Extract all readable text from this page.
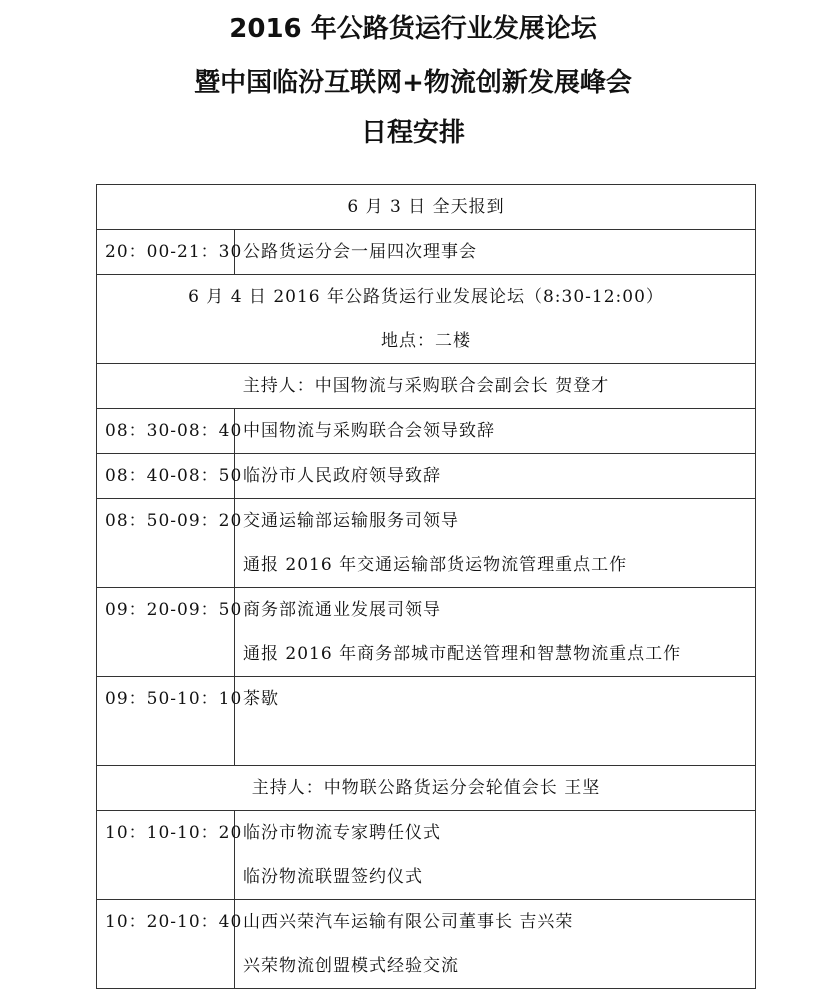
2016 年公路货运行业发展论坛
暨中国临汾互联网+物流创新发展峰会
日程安排
6 月 3 日 全天报到	

20：00-21：30	公路货运分会一届四次理事会

6 月 4 日 2016 年公路货运行业发展论坛（8:30-12:00）
地点：二楼	

主持人：中国物流与采购联合会副会长 贺登才	

08：30-08：40	中国物流与采购联合会领导致辞

08：40-08：50	临汾市人民政府领导致辞

08：50-09：20	交通运输部运输服务司领导
通报 2016 年交通运输部货运物流管理重点工作

09：20-09：50	商务部流通业发展司领导
通报 2016 年商务部城市配送管理和智慧物流重点工作

09：50-10：10	茶歇

主持人：中物联公路货运分会轮值会长 王坚	

10：10-10：20	临汾市物流专家聘任仪式
临汾物流联盟签约仪式

10：20-10：40	山西兴荣汽车运输有限公司董事长 吉兴荣
兴荣物流创盟模式经验交流
